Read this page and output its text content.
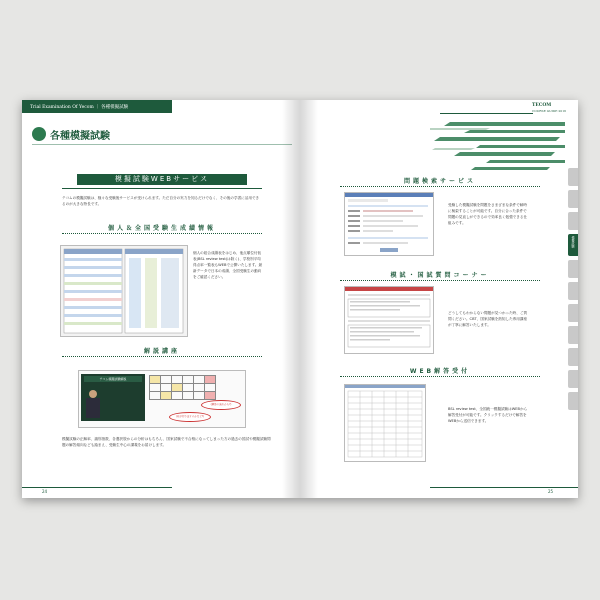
Trial Examination Of Yecom ｜ 各種模擬試験
各種模擬試験
模擬試験WEBサービス
テコムの模擬試験は、様々な受験後サービスが受けられます。ただ自分の実力を知るだけでなく、その後の学習に活用できるのが大きな特長です。
個人＆全国受験生成績情報
個人の総合成績表をはじめ、他点順位付低表(BSL review test)は除く)、学校別平均得点率一覧表もWEBで公開いたします。最新データで日本の成績、全国受験生の動向をご確認ください。
解説講座
テコム模擬試験解説

(解答の流れから?)
(何が切り出すのかなど?)
模擬試験の正解率、識別指数、各選択肢からの分析はもちろん、国家試験で不合格になってしまった方の過去の国試や模擬試験問題の解答傾向なども踏まえ、受験生中心の講義をお届けします。
24
TECOM
COURSE GUIDE 2016
模擬試験
問題検索サービス
受験した模擬試験を問題をさまざまな条件で瞬時に検索することが可能です。自分に合った条件で問題の見直しができるので効率良く勉強できる仕組みです。
模試・国試質問コーナー
どうしてもわからない問題が見つかった時、ご質問ください。CBT、国家試験を熟知した専用講座が丁寧に解答いたします。
WEB解答受付
BSL review test、全国統一模擬試験はWEBから解答受付が可能です。クリックするだけで解答をWEBから送信できます。
25
